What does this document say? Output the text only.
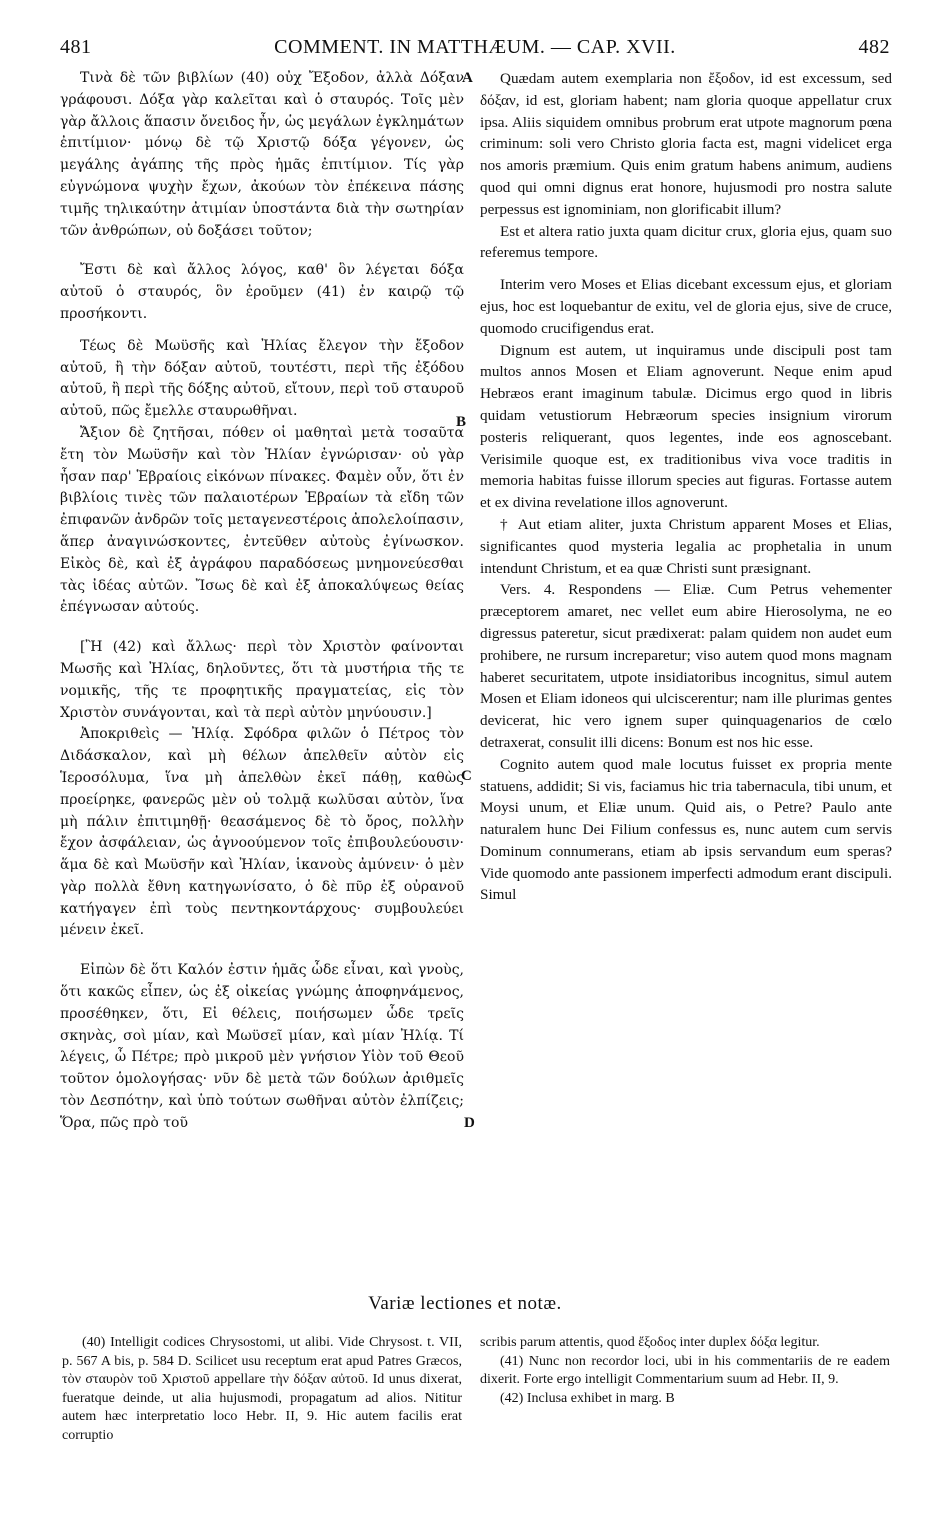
481	COMMENT. IN MATTHÆUM. — CAP. XVII.	482
A
B
C
D

Τινὰ δὲ τῶν βιβλίων (40) οὐχ Ἔξοδον, ἀλλὰ Δόξαν γράφουσι. Δόξα γὰρ καλεῖται καὶ ὁ σταυρός. Τοῖς μὲν γὰρ ἄλλοις ἅπασιν ὄνειδος ἦν, ὡς μεγάλων ἐγκλημάτων ἐπιτίμιον· μόνῳ δὲ τῷ Χριστῷ δόξα γέγονεν, ὡς μεγάλης ἀγάπης τῆς πρὸς ἡμᾶς ἐπιτίμιον. Τίς γὰρ εὐγνώμονα ψυχὴν ἔχων, ἀκούων τὸν ἐπέκεινα πάσης τιμῆς τηλικαύτην ἀτιμίαν ὑποστάντα διὰ τὴν σωτηρίαν τῶν ἀνθρώπων, οὐ δοξάσει τοῦτον;

Ἔστι δὲ καὶ ἄλλος λόγος, καθ' ὃν λέγεται δόξα αὐτοῦ ὁ σταυρός, ὃν ἐροῦμεν (41) ἐν καιρῷ τῷ προσήκοντι.

Τέως δὲ Μωϋσῆς καὶ Ἠλίας ἔλεγον τὴν ἔξοδον αὐτοῦ, ἢ τὴν δόξαν αὐτοῦ, τουτέστι, περὶ τῆς ἐξόδου αὐτοῦ, ἢ περὶ τῆς δόξης αὐτοῦ, εἴτουν, περὶ τοῦ σταυροῦ αὐτοῦ, πῶς ἔμελλε σταυρωθῆναι.

Ἄξιον δὲ ζητῆσαι, πόθεν οἱ μαθηταὶ μετὰ τοσαῦτα ἔτη τὸν Μωϋσῆν καὶ τὸν Ἠλίαν ἐγνώρισαν· οὐ γὰρ ἦσαν παρ' Ἑβραίοις εἰκόνων πίνακες. Φαμὲν οὖν, ὅτι ἐν βιβλίοις τινὲς τῶν παλαιοτέρων Ἑβραίων τὰ εἴδη τῶν ἐπιφανῶν ἀνδρῶν τοῖς μεταγενεστέροις ἀπολελοίπασιν, ἅπερ ἀναγινώσκοντες, ἐντεῦθεν αὐτοὺς ἐγίνωσκον. Εἰκὸς δὲ, καὶ ἐξ ἀγράφου παραδόσεως μνημονεύεσθαι τὰς ἰδέας αὐτῶν. Ἴσως δὲ καὶ ἐξ ἀποκαλύψεως θείας ἐπέγνωσαν αὐτούς.

[Ἢ (42) καὶ ἄλλως· περὶ τὸν Χριστὸν φαίνονται Μωσῆς καὶ Ἠλίας, δηλοῦντες, ὅτι τὰ μυστήρια τῆς τε νομικῆς, τῆς τε προφητικῆς πραγματείας, εἰς τὸν Χριστὸν συνάγονται, καὶ τὰ περὶ αὐτὸν μηνύουσιν.]

Ἀποκριθεὶς — Ἠλίᾳ. Σφόδρα φιλῶν ὁ Πέτρος τὸν Διδάσκαλον, καὶ μὴ θέλων ἀπελθεῖν αὐτὸν εἰς Ἱεροσόλυμα, ἵνα μὴ ἀπελθὼν ἐκεῖ πάθῃ, καθὼς προείρηκε, φανερῶς μὲν οὐ τολμᾷ κωλῦσαι αὐτὸν, ἵνα μὴ πάλιν ἐπιτιμηθῇ· θεασάμενος δὲ τὸ ὄρος, πολλὴν ἔχον ἀσφάλειαν, ὡς ἀγνοούμενον τοῖς ἐπιβουλεύουσιν· ἅμα δὲ καὶ Μωϋσῆν καὶ Ἠλίαν, ἱκανοὺς ἀμύνειν· ὁ μὲν γὰρ πολλὰ ἔθνη κατηγωνίσατο, ὁ δὲ πῦρ ἐξ οὐρανοῦ κατήγαγεν ἐπὶ τοὺς πεντηκοντάρχους· συμβουλεύει μένειν ἐκεῖ.

Εἰπὼν δὲ ὅτι Καλόν ἐστιν ἡμᾶς ὧδε εἶναι, καὶ γνοὺς, ὅτι κακῶς εἶπεν, ὡς ἐξ οἰκείας γνώμης ἀποφηνάμενος, προσέθηκεν, ὅτι, Εἰ θέλεις, ποιήσωμεν ὧδε τρεῖς σκηνὰς, σοὶ μίαν, καὶ Μωϋσεῖ μίαν, καὶ μίαν Ἠλίᾳ. Τί λέγεις, ὦ Πέτρε; πρὸ μικροῦ μὲν γνήσιον Υἱὸν τοῦ Θεοῦ τοῦτον ὁμολογήσας· νῦν δὲ μετὰ τῶν δούλων ἀριθμεῖς τὸν Δεσπότην, καὶ ὑπὸ τούτων σωθῆναι αὐτὸν ἐλπίζεις; Ὅρα, πῶς πρὸ τοῦ

Quædam autem exemplaria non ἔξοδον, id est excessum, sed δόξαν, id est, gloriam habent; nam gloria quoque appellatur crux ipsa. Aliis siquidem omnibus probrum erat utpote magnorum pœna criminum: soli vero Christo gloria facta est, magni videlicet erga nos amoris præmium. Quis enim gratum habens animum, audiens quod qui omni dignus erat honore, hujusmodi pro nostra salute perpessus est ignominiam, non glorificabit illum?

Est et altera ratio juxta quam dicitur crux, gloria ejus, quam suo referemus tempore.

Interim vero Moses et Elias dicebant excessum ejus, et gloriam ejus, hoc est loquebantur de exitu, vel de gloria ejus, sive de cruce, quomodo crucifigendus erat.

Dignum est autem, ut inquiramus unde discipuli post tam multos annos Mosen et Eliam agnoverunt. Neque enim apud Hebræos erant imaginum tabulæ. Dicimus ergo quod in libris quidam vetustiorum Hebræorum species insignium virorum posteris reliquerant, quos legentes, inde eos agnoscebant. Verisimile quoque est, ex traditionibus viva voce traditis in memoria habitas fuisse illorum species aut figuras. Fortasse autem et ex divina revelatione illos agnoverunt.

† Aut etiam aliter, juxta Christum apparent Moses et Elias, significantes quod mysteria legalia ac prophetalia in unum intendunt Christum, et ea quæ Christi sunt præsignant.

Vers. 4. Respondens — Eliæ. Cum Petrus vehementer præceptorem amaret, nec vellet eum abire Hierosolyma, ne eo digressus pateretur, sicut prædixerat: palam quidem non audet eum prohibere, ne rursum increparetur; viso autem quod mons magnam haberet securitatem, utpote insidiatoribus incognitus, simul autem Mosen et Eliam idoneos qui ulciscerentur; nam ille plurimas gentes devicerat, hic vero ignem super quinquagenarios de cœlo detraxerat, consulit illi dicens: Bonum est nos hic esse.

Cognito autem quod male locutus fuisset ex propria mente statuens, addidit; Si vis, faciamus hic tria tabernacula, tibi unum, et Moysi unum, et Eliæ unum. Quid ais, o Petre? Paulo ante naturalem hunc Dei Filium confessus es, nunc autem cum servis Dominum connumerans, etiam ab ipsis servandum eum speras? Vide quomodo ante passionem imperfecti admodum erant discipuli. Simul

Variæ lectiones et notæ.

(40) Intelligit codices Chrysostomi, ut alibi. Vide Chrysost. t. VII, p. 567 A bis, p. 584 D. Scilicet usu receptum erat apud Patres Græcos, τὸν σταυρὸν τοῦ Χριστοῦ appellare τὴν δόξαν αὐτοῦ. Id unus dixerat, fueratque deinde, ut alia hujusmodi, propagatum ad alios. Nititur autem hæc interpretatio loco Hebr. II, 9. Hic autem facilis erat corruptio

scribis parum attentis, quod ἔξοδος inter duplex δόξα legitur.

(41) Nunc non recordor loci, ubi in his commentariis de re eadem dixerit. Forte ergo intelligit Commentarium suum ad Hebr. II, 9.

(42) Inclusa exhibet in marg. B
